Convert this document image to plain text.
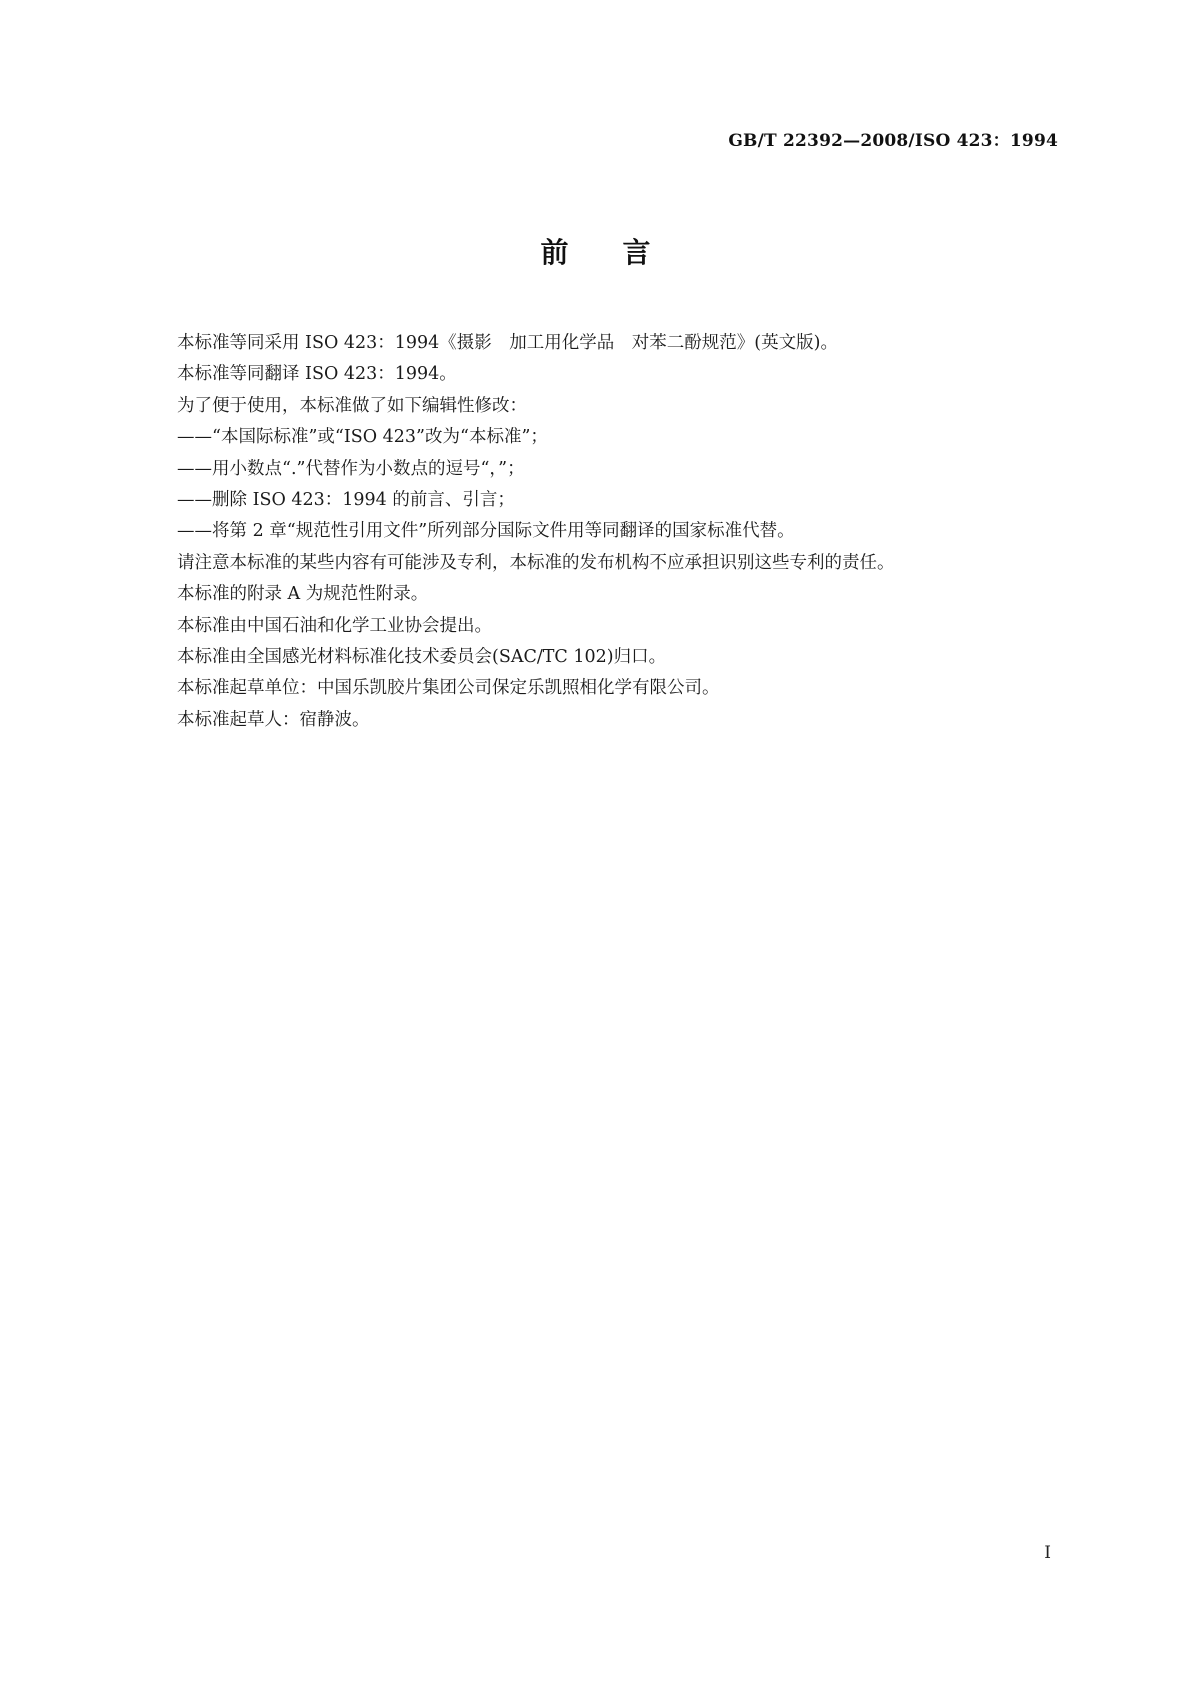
GB/T 22392—2008/ISO 423：1994
前言

本标准等同采用 ISO 423：1994《摄影　加工用化学品　对苯二酚规范》(英文版)。

本标准等同翻译 ISO 423：1994。

为了便于使用，本标准做了如下编辑性修改：

——“本国际标准”或“ISO 423”改为“本标准”；

——用小数点“.”代替作为小数点的逗号“，”；

——删除 ISO 423：1994 的前言、引言；

——将第 2 章“规范性引用文件”所列部分国际文件用等同翻译的国家标准代替。

请注意本标准的某些内容有可能涉及专利，本标准的发布机构不应承担识别这些专利的责任。

本标准的附录 A 为规范性附录。

本标准由中国石油和化学工业协会提出。

本标准由全国感光材料标准化技术委员会(SAC/TC 102)归口。

本标准起草单位：中国乐凯胶片集团公司保定乐凯照相化学有限公司。

本标准起草人：宿静波。

I
